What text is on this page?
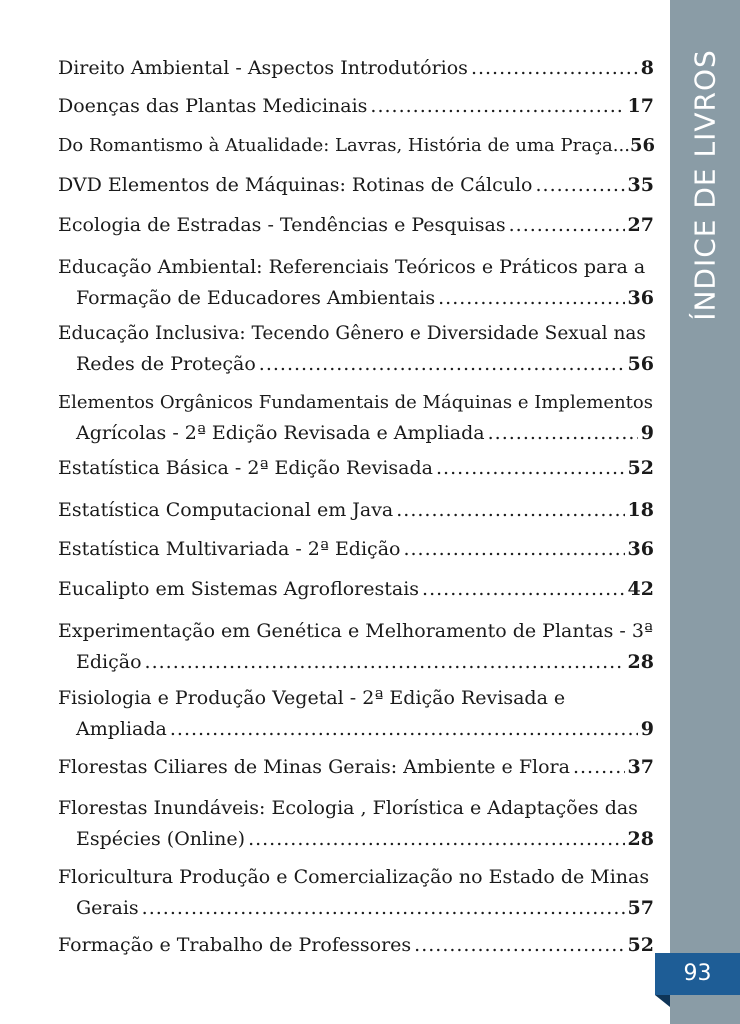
ÍNDICE DE LIVROS
93
Direito Ambiental - Aspectos Introdutórios .....	8
Doenças das Plantas Medicinais .....	17
Do Romantismo à Atualidade: Lavras, História de uma Praça... 56
DVD Elementos de Máquinas: Rotinas de Cálculo .....	35
Ecologia de Estradas - Tendências e Pesquisas .....	27
Educação Ambiental: Referenciais Teóricos e Práticos para a
Formação de Educadores Ambientais .....	36
Educação Inclusiva: Tecendo Gênero e Diversidade Sexual nas
Redes de Proteção .....	56
Elementos Orgânicos Fundamentais de Máquinas e Implementos
Agrícolas - 2ª Edição Revisada e Ampliada .....	9
Estatística Básica - 2ª Edição Revisada .....	52
Estatística Computacional em Java .....	18
Estatística Multivariada - 2ª Edição .....	36
Eucalipto em Sistemas Agroflorestais .....	42
Experimentação em Genética e Melhoramento de Plantas - 3ª
Edição .....	28
Fisiologia e Produção Vegetal - 2ª Edição Revisada e
Ampliada .....	9
Florestas Ciliares de Minas Gerais: Ambiente e Flora .....	37
Florestas Inundáveis: Ecologia , Florística e Adaptações das
Espécies (Online) .....	28
Floricultura Produção e Comercialização no Estado de Minas
Gerais .....	57
Formação e Trabalho de Professores .....	52
